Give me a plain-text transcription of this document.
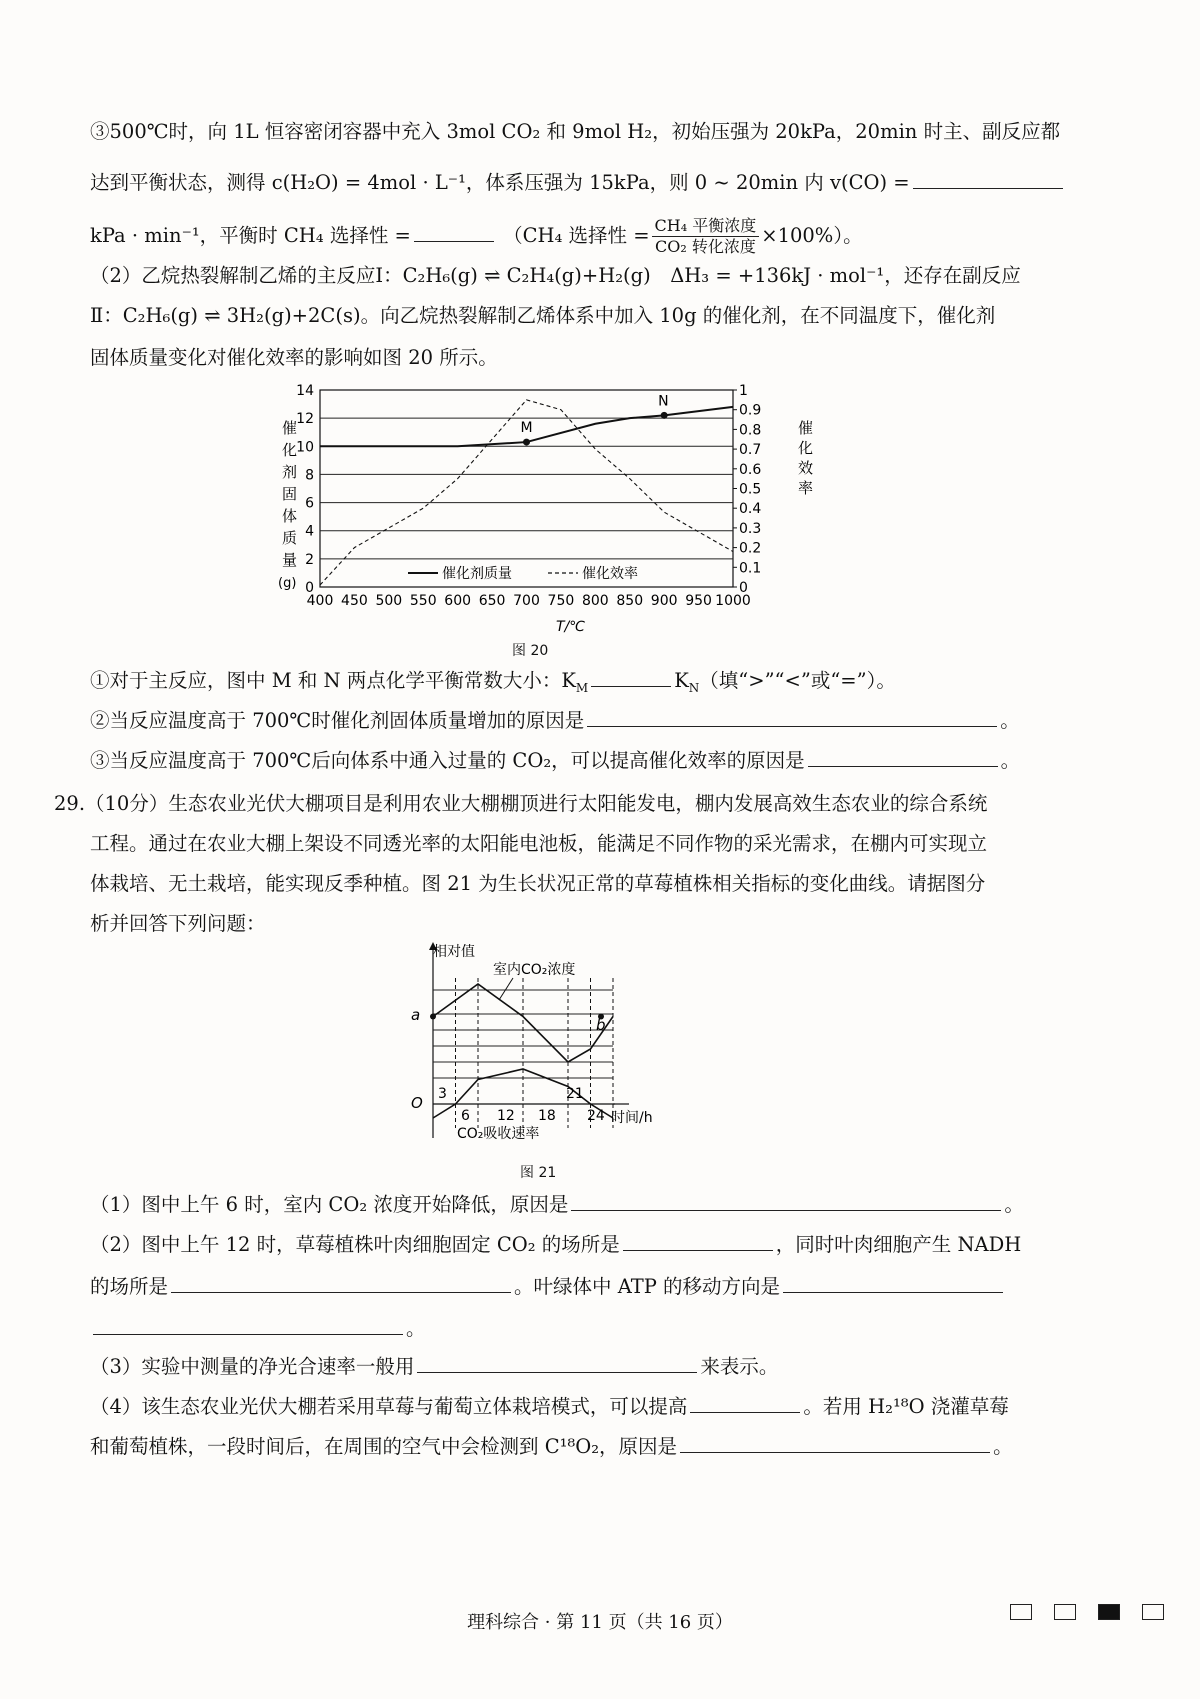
③500℃时，向 1L 恒容密闭容器中充入 3mol CO₂ 和 9mol H₂，初始压强为 20kPa，20min 时主、副反应都
达到平衡状态，测得 c(H₂O) = 4mol · L⁻¹，体系压强为 15kPa，则 0 ~ 20min 内 v(CO) =
kPa · min⁻¹，平衡时 CH₄ 选择性 =	（CH₄ 选择性 = $\frac{\text{CH₄ 平衡浓度}}{\text{CO₂ 转化浓度}} \times 100\%$）。
（2）乙烷热裂解制乙烯的主反应Ⅰ：C₂H₆(g) ⇌ C₂H₄(g)+H₂(g)　ΔH₃ = +136kJ · mol⁻¹，还存在副反应
Ⅱ：C₂H₆(g) ⇌ 3H₂(g)+2C(s)。向乙烷热裂解制乙烯体系中加入 10g 的催化剂，在不同温度下，催化剂
固体质量变化对催化效率的影响如图 20 所示。
0
2
4
6
8
10
12
14
0
0.1
0.2
0.3
0.4
0.5
0.6
0.7
0.8
0.9
1
400 450 500 550 600 650 700 750 800 850 900 950 1000
M
N
催
化
剂
固
体
质
量
(g)
催
化
效
率
T/℃
催化剂质量	催化效率
图 20
①对于主反应，图中 M 和 N 两点化学平衡常数大小：$K_M$	$K_N$（填“>”“<”或“=”）。
②当反应温度高于 700℃时催化剂固体质量增加的原因是	。
③当反应温度高于 700℃后向体系中通入过量的 CO₂，可以提高催化效率的原因是	。
29.（10分）生态农业光伏大棚项目是利用农业大棚棚顶进行太阳能发电，棚内发展高效生态农业的综合系统
工程。通过在农业大棚上架设不同透光率的太阳能电池板，能满足不同作物的采光需求，在棚内可实现立
体栽培、无土栽培，能实现反季种植。图 21 为生长状况正常的草莓植株相关指标的变化曲线。请据图分
析并回答下列问题：
相对值
室内CO₂浓度
a
b
O
时间/h
CO₂吸收速率
3
6 12 18
21
24
图 21
（1）图中上午 6 时，室内 CO₂ 浓度开始降低，原因是	。
（2）图中上午 12 时，草莓植株叶肉细胞固定 CO₂ 的场所是	，同时叶肉细胞产生 NADH
的场所是	。叶绿体中 ATP 的移动方向是
。
（3）实验中测量的净光合速率一般用	来表示。
（4）该生态农业光伏大棚若采用草莓与葡萄立体栽培模式，可以提高	。若用 H₂¹⁸O 浇灌草莓
和葡萄植株，一段时间后，在周围的空气中会检测到 C¹⁸O₂，原因是	。
理科综合 · 第 11 页（共 16 页）
